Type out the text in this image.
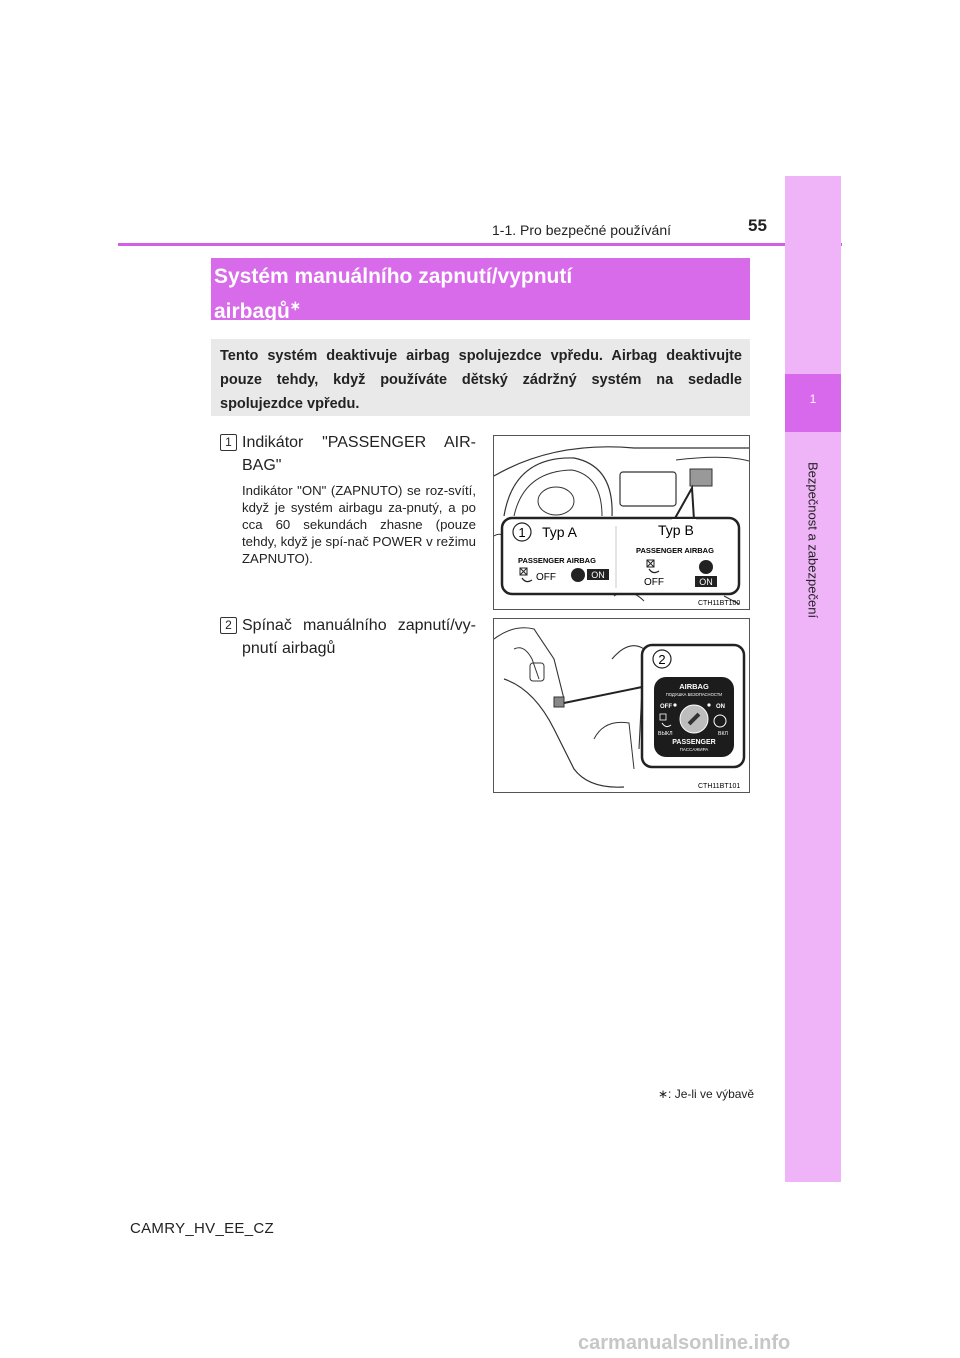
1-1. Pro bezpečné používání	55
1
Bezpečnost a zabezpečení
Systém manuálního zapnutí/vypnutí
airbagů∗
Tento systém deaktivuje airbag spolujezdce vpředu. Airbag deaktivujte pouze tehdy, když používáte dětský zádržný systém na sedadle spolujezdce vpředu.
1 Indikátor "PASSENGER AIR-BAG"
Indikátor "ON" (ZAPNUTO) se roz-svítí, když je systém airbagu za-pnutý, a po cca 60 sekundách zhasne (pouze tehdy, když je spí-nač POWER v režimu ZAPNUTO).
2 Spínač manuálního zapnutí/vy-pnutí airbagů
1 Typ A	Typ B
PASSENGER AIRBAG
PASSENGER AIRBAG
OFF	ON
OFF	ON
CTH11BT100
2
AIRBAG
ПОДУШКА БЕЗОПАСНОСТИ
OFF	ON
ВЫКЛ	ВКЛ
PASSENGER
ПАССАЖИРА
CTH11BT101
∗: Je-li ve výbavě
CAMRY_HV_EE_CZ
carmanualsonline.info
